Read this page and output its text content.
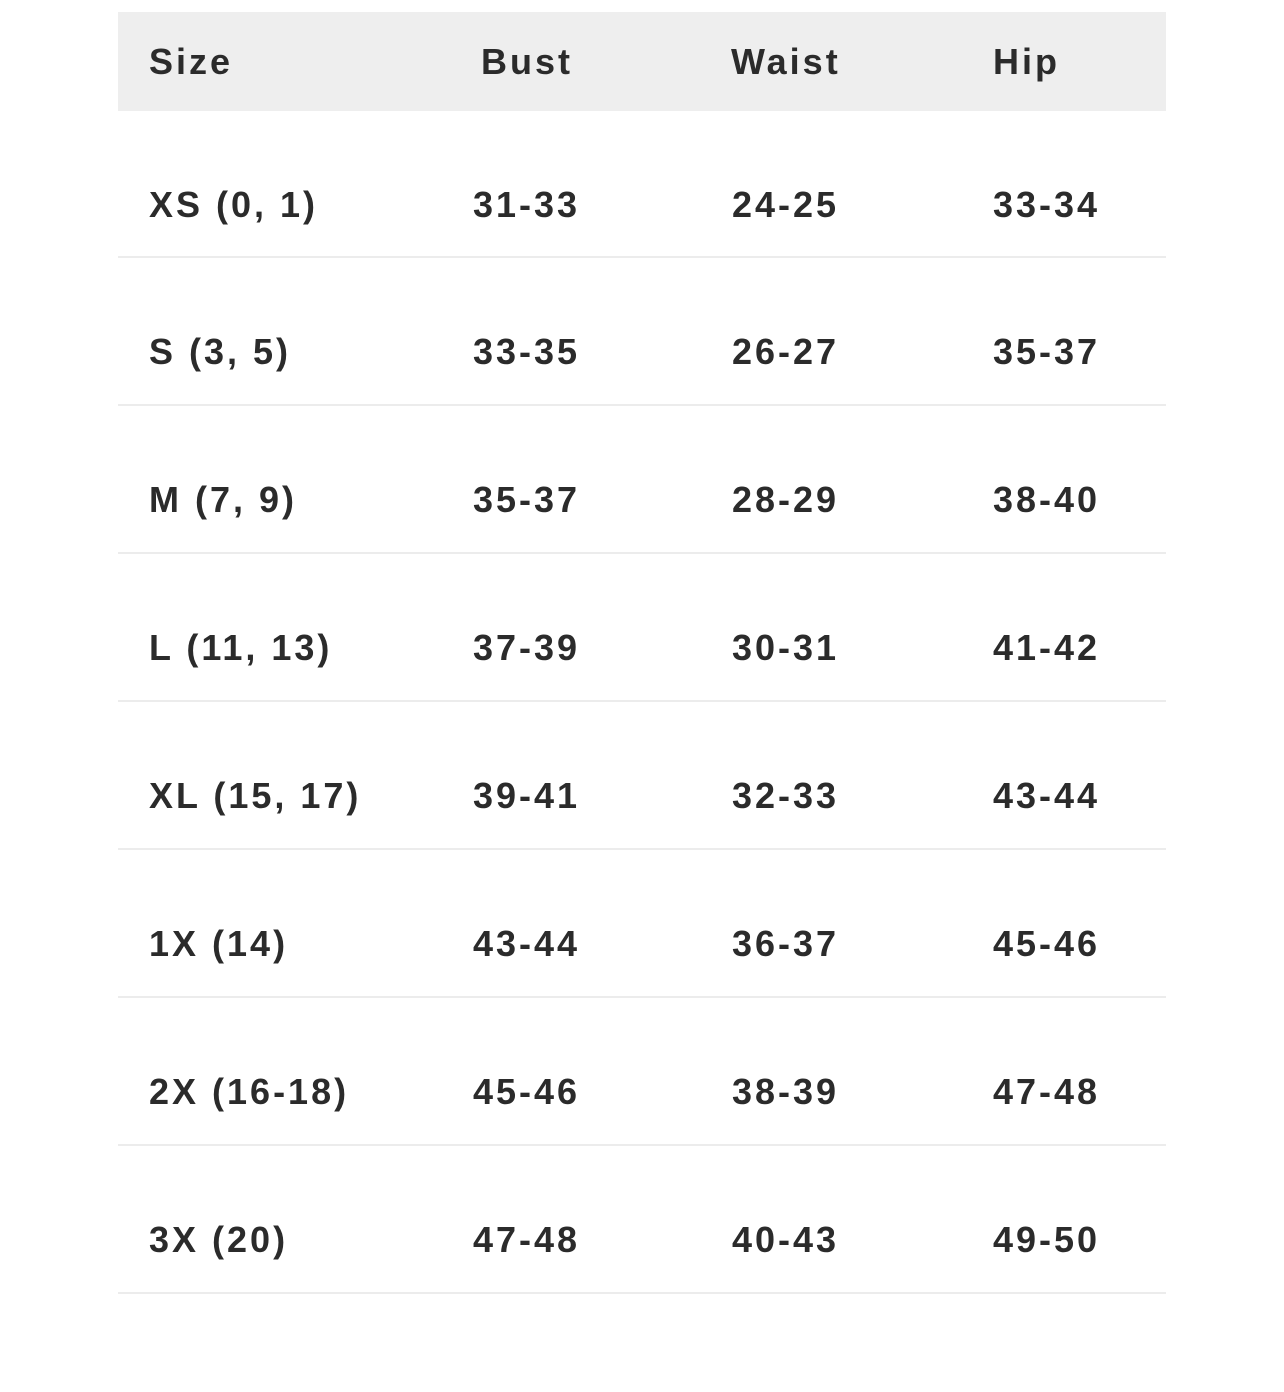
Size	Bust	Waist	Hip
XS (0, 1)	31-33	24-25	33-34
S (3, 5)	33-35	26-27	35-37
M (7, 9)	35-37	28-29	38-40
L (11, 13)	37-39	30-31	41-42
XL (15, 17)	39-41	32-33	43-44
1X (14)	43-44	36-37	45-46
2X (16-18)	45-46	38-39	47-48
3X (20)	47-48	40-43	49-50
